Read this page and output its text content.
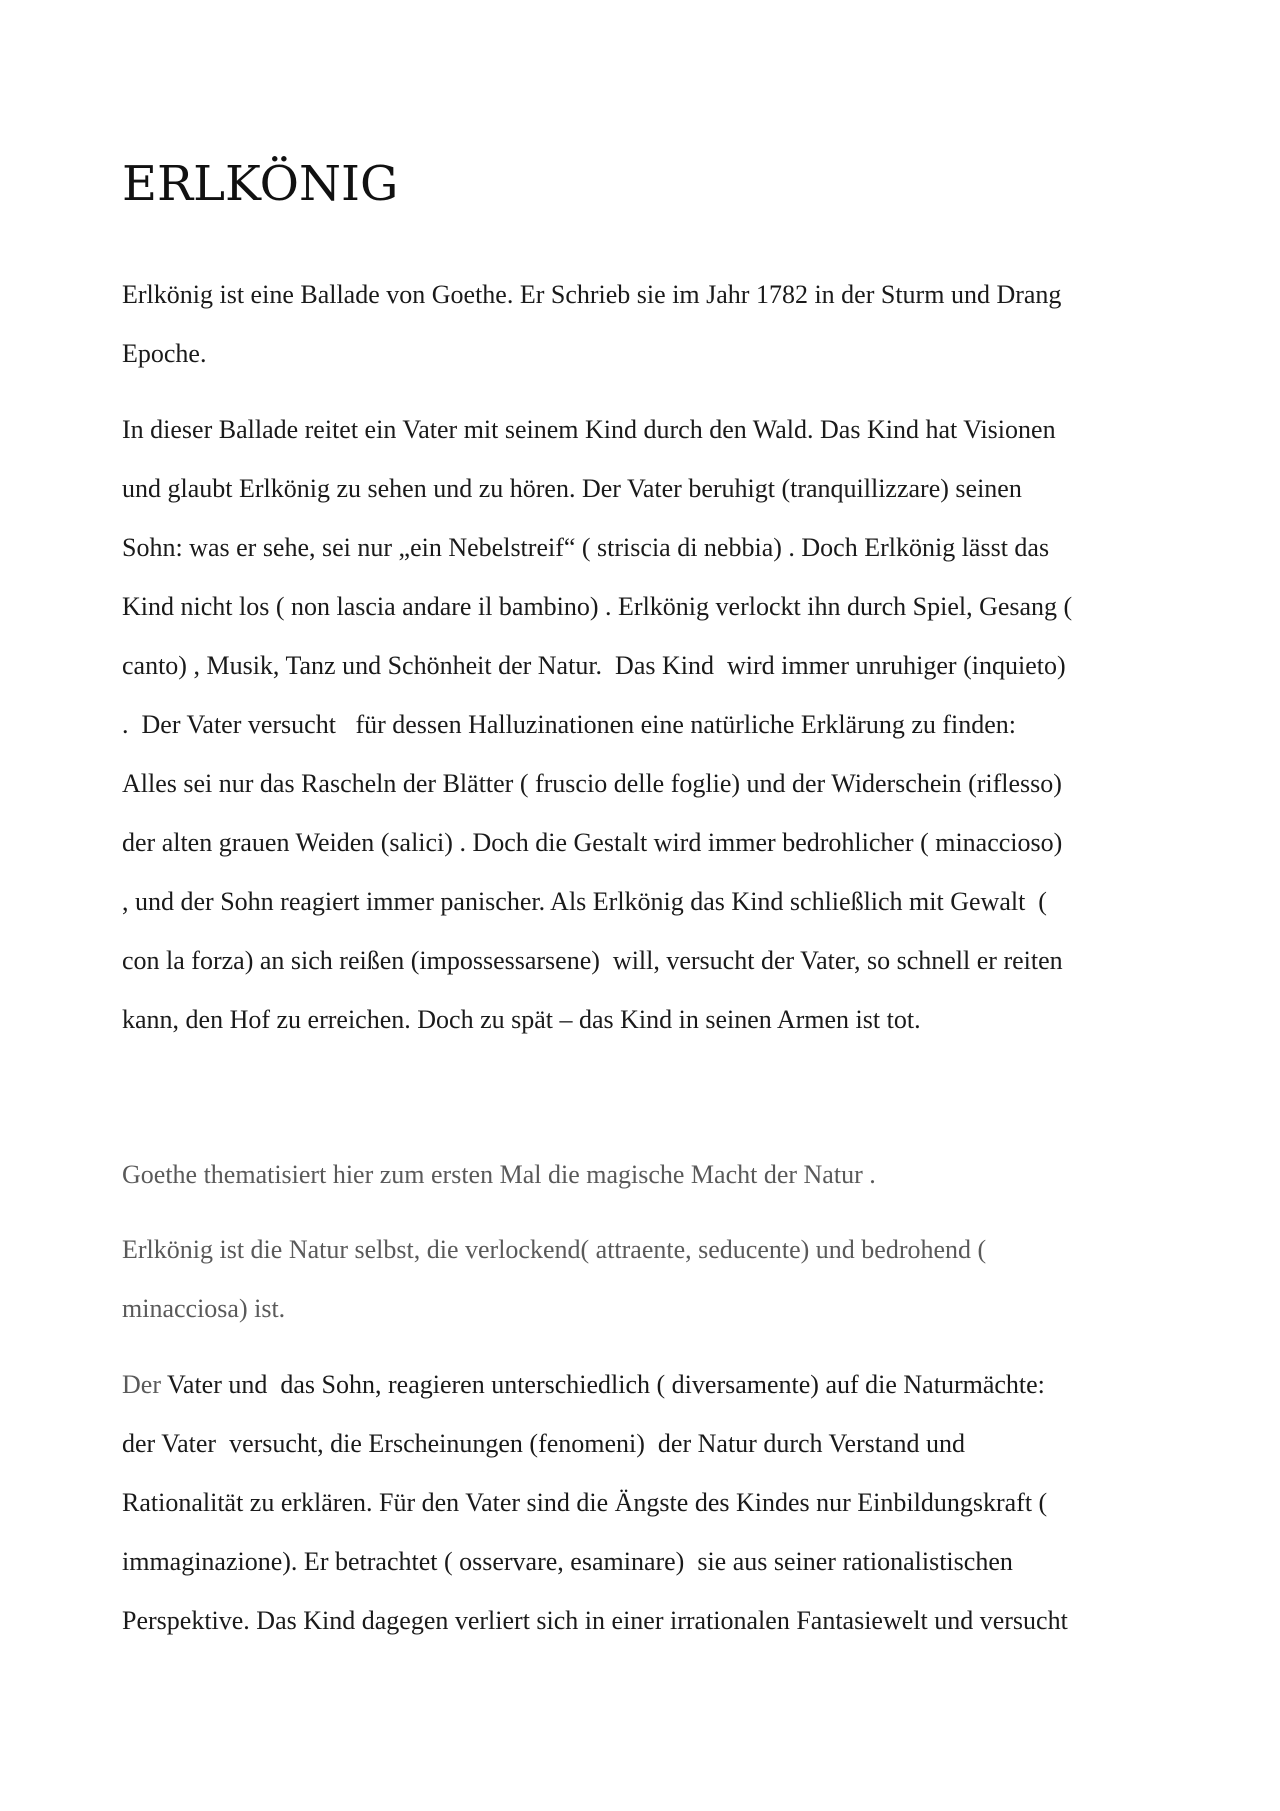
ERLKÖNIG

Erlkönig ist eine Ballade von Goethe. Er Schrieb sie im Jahr 1782 in der Sturm und Drang
Epoche.

In dieser Ballade reitet ein Vater mit seinem Kind durch den Wald. Das Kind hat Visionen
und glaubt Erlkönig zu sehen und zu hören. Der Vater beruhigt (tranquillizzare) seinen
Sohn: was er sehe, sei nur „ein Nebelstreif“ ( striscia di nebbia) . Doch Erlkönig lässt das
Kind nicht los ( non lascia andare il bambino) . Erlkönig verlockt ihn durch Spiel, Gesang (
canto) , Musik, Tanz und Schönheit der Natur.  Das Kind  wird immer unruhiger (inquieto)
.  Der Vater versucht   für dessen Halluzinationen eine natürliche Erklärung zu finden:
Alles sei nur das Rascheln der Blätter ( fruscio delle foglie) und der Widerschein (riflesso)
der alten grauen Weiden (salici) . Doch die Gestalt wird immer bedrohlicher ( minaccioso)
, und der Sohn reagiert immer panischer. Als Erlkönig das Kind schließlich mit Gewalt  (
con la forza) an sich reißen (impossessarsene)  will, versucht der Vater, so schnell er reiten
kann, den Hof zu erreichen. Doch zu spät – das Kind in seinen Armen ist tot.

Goethe thematisiert hier zum ersten Mal die magische Macht der Natur .

Erlkönig ist die Natur selbst, die verlockend( attraente, seducente) und bedrohend (
minacciosa) ist.

Der Vater und  das Sohn, reagieren unterschiedlich ( diversamente) auf die Naturmächte:
der Vater  versucht, die Erscheinungen (fenomeni)  der Natur durch Verstand und
Rationalität zu erklären. Für den Vater sind die Ängste des Kindes nur Einbildungskraft (
immaginazione). Er betrachtet ( osservare, esaminare)  sie aus seiner rationalistischen
Perspektive. Das Kind dagegen verliert sich in einer irrationalen Fantasiewelt und versucht
